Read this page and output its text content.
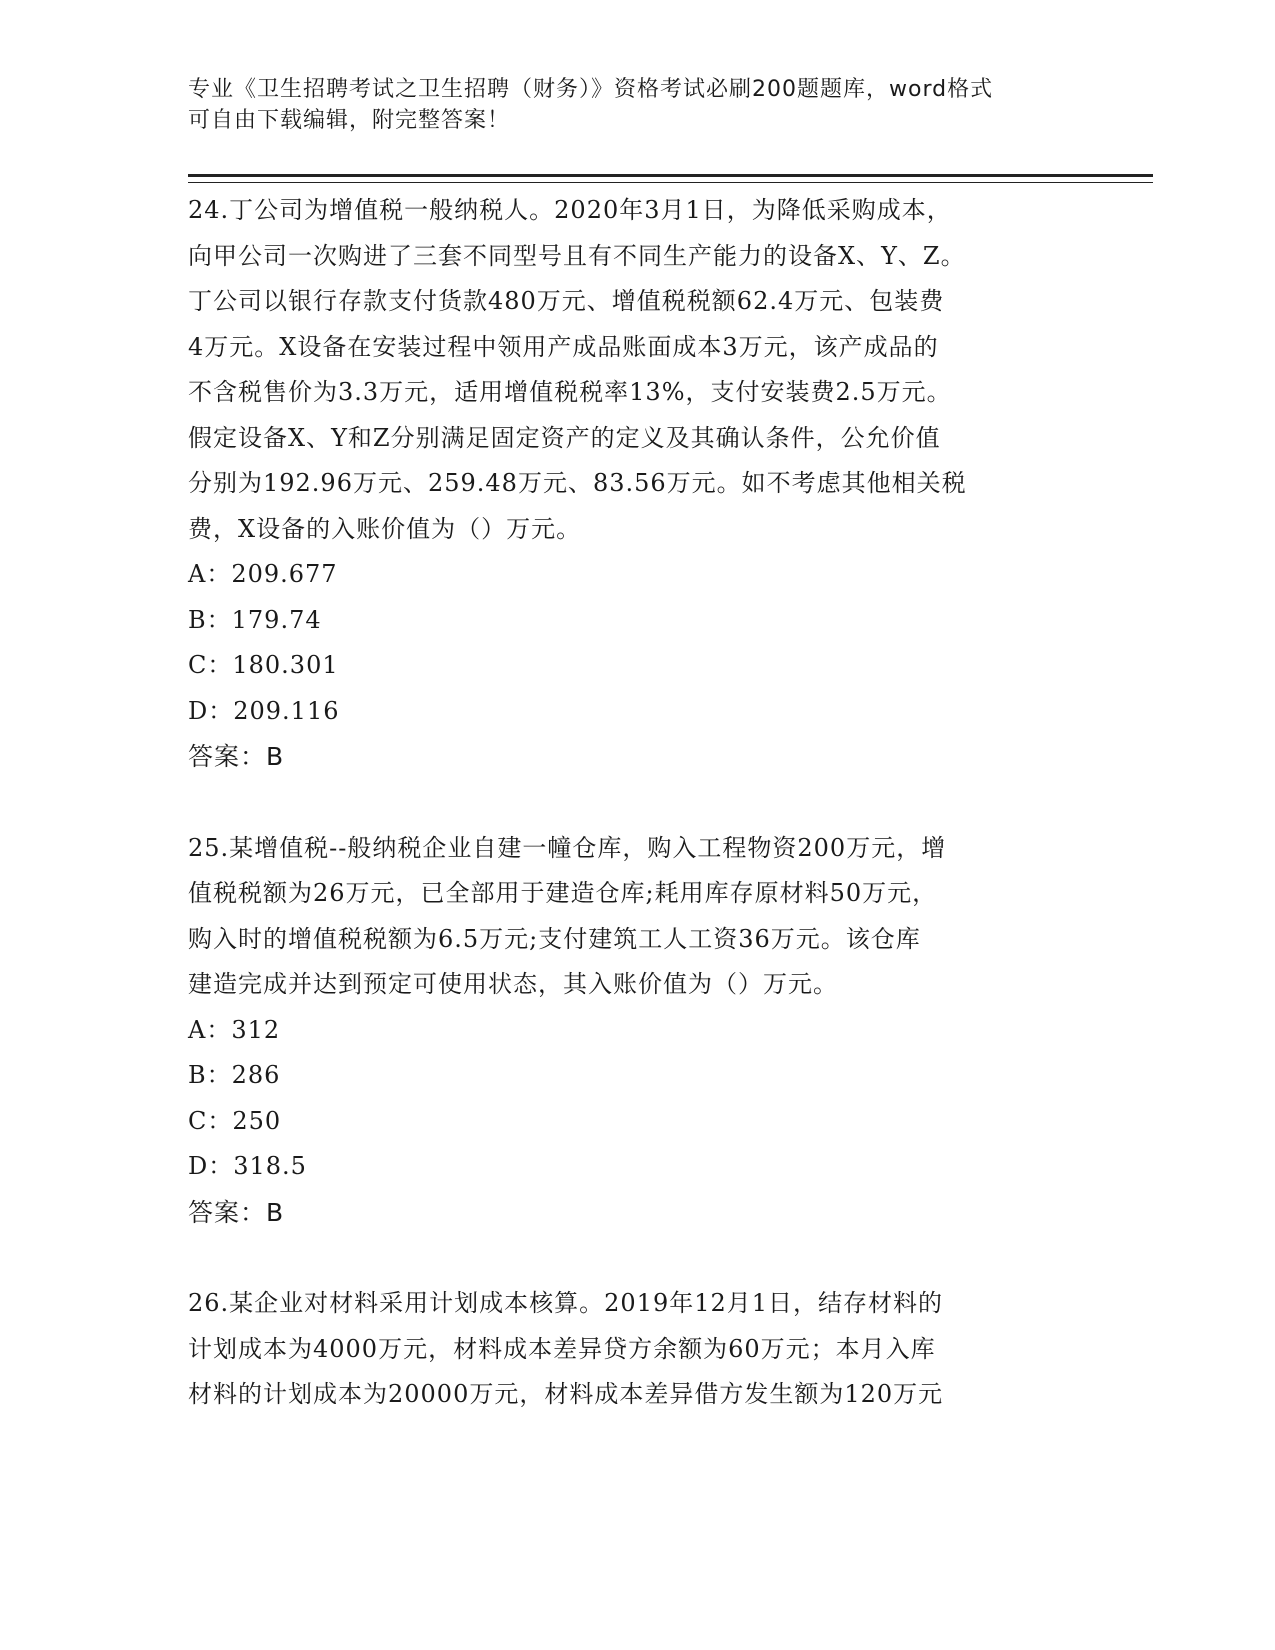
专业《卫生招聘考试之卫生招聘（财务）》资格考试必刷200题题库，word格式

可自由下载编辑，附完整答案！

24.丁公司为增值税一般纳税人。2020年3月1日，为降低采购成本，

向甲公司一次购进了三套不同型号且有不同生产能力的设备X、Y、Z。

丁公司以银行存款支付货款480万元、增值税税额62.4万元、包装费

4万元。X设备在安装过程中领用产成品账面成本3万元，该产成品的

不含税售价为3.3万元，适用增值税税率13%，支付安装费2.5万元。

假定设备X、Y和Z分别满足固定资产的定义及其确认条件，公允价值

分别为192.96万元、259.48万元、83.56万元。如不考虑其他相关税

费，X设备的入账价值为（）万元。

A：209.677

B：179.74

C：180.301

D：209.116

答案：B

25.某增值税--般纳税企业自建一幢仓库，购入工程物资200万元，增

值税税额为26万元，已全部用于建造仓库;耗用库存原材料50万元，

购入时的增值税税额为6.5万元;支付建筑工人工资36万元。该仓库

建造完成并达到预定可使用状态，其入账价值为（）万元。

A：312

B：286

C：250

D：318.5

答案：B

26.某企业对材料采用计划成本核算。2019年12月1日，结存材料的

计划成本为4000万元，材料成本差异贷方余额为60万元；本月入库

材料的计划成本为20000万元，材料成本差异借方发生额为120万元
